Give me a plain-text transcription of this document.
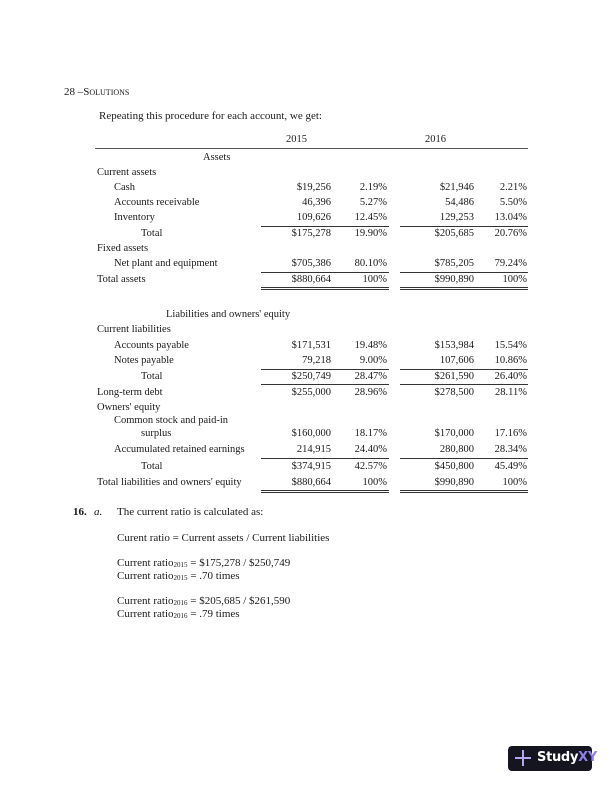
28 –Solutions
Repeating this procedure for each account, we get:
2015	2016
Assets
Current assets
Cash	$19,256	2.19%	$21,946	2.21%
Accounts receivable	46,396	5.27%	54,486	5.50%
Inventory	109,626	12.45%	129,253	13.04%
Total	$175,278	19.90%	$205,685	20.76%
Fixed assets
Net plant and equipment	$705,386	80.10%	$785,205	79.24%
Total assets	$880,664	100%	$990,890	100%
Liabilities and owners' equity
Current liabilities
Accounts payable	$171,531	19.48%	$153,984	15.54%
Notes payable	79,218	9.00%	107,606	10.86%
Total	$250,749	28.47%	$261,590	26.40%
Long-term debt	$255,000	28.96%	$278,500	28.11%
Owners' equity
Common stock and paid-in
surplus	$160,000	18.17%	$170,000	17.16%
Accumulated retained earnings	214,915	24.40%	280,800	28.34%
Total	$374,915	42.57%	$450,800	45.49%
Total liabilities and owners' equity	$880,664	100%	$990,890	100%
16. a. The current ratio is calculated as:
Curent ratio = Current assets / Current liabilities
Current ratio$_{2015}$ = $175,278 / $250,749
Current ratio$_{2015}$ = .70 times
Current ratio$_{2016}$ = $205,685 / $261,590
Current ratio$_{2016}$ = .79 times
StudyXY
